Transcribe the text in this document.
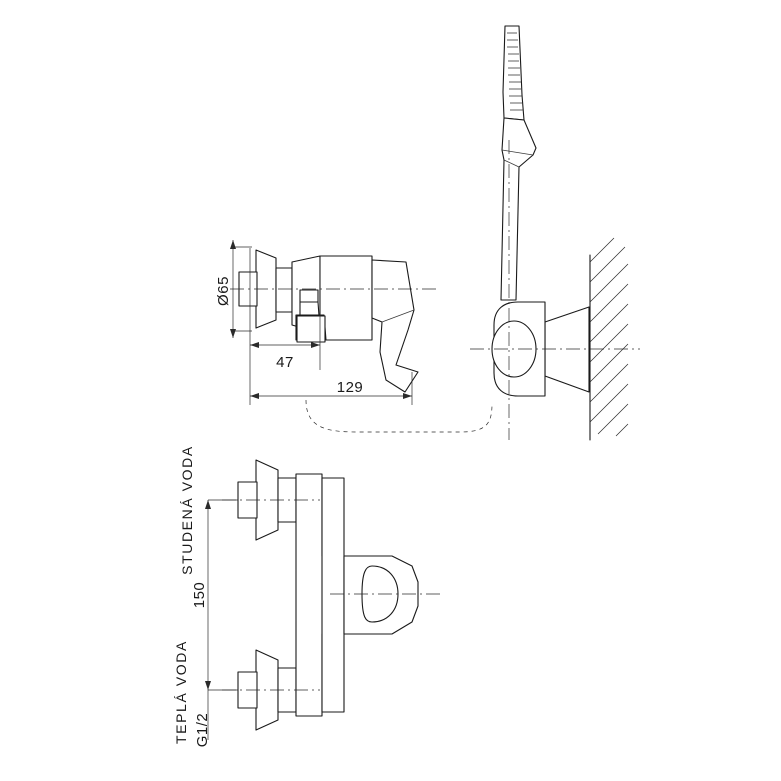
Ø65
47
129
150
G1/2
STUDENÁ VODA
TEPLÁ VODA
